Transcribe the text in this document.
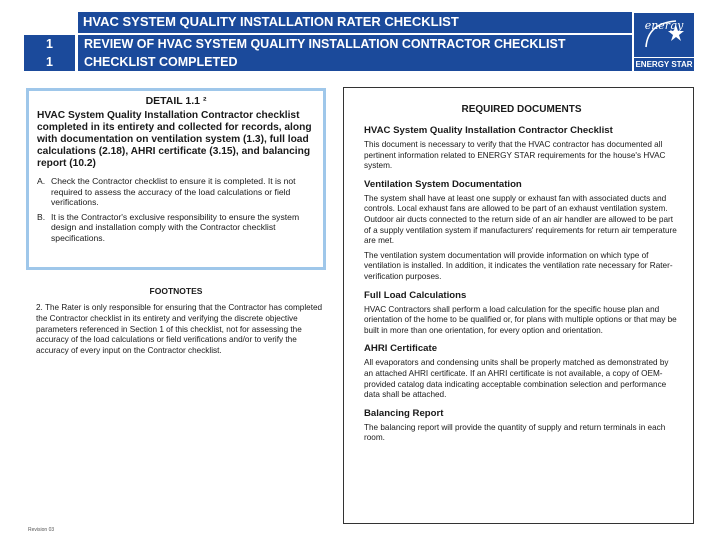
HVAC SYSTEM QUALITY INSTALLATION RATER CHECKLIST
1	REVIEW OF HVAC SYSTEM QUALITY INSTALLATION CONTRACTOR CHECKLIST
1	CHECKLIST COMPLETED
energy
ENERGY STAR
DETAIL 1.1 ²
HVAC System Quality Installation Contractor checklist completed in its entirety and collected for records, along with documentation on ventilation system (1.3), full load calculations (2.18), AHRI certificate (3.15), and balancing report (10.2)
A. Check the Contractor checklist to ensure it is completed. It is not required to assess the accuracy of the load calculations or field verifications.
B. It is the Contractor's exclusive responsibility to ensure the system design and installation comply with the Contractor checklist specifications.
FOOTNOTES
2. The Rater is only responsible for ensuring that the Contractor has completed the Contractor checklist in its entirety and verifying the discrete objective parameters referenced in Section 1 of this checklist, not for assessing the accuracy of the load calculations or field verifications and/or to verify the accuracy of every input on the Contractor checklist.
REQUIRED DOCUMENTS
HVAC System Quality Installation Contractor Checklist
This document is necessary to verify that the HVAC contractor has documented all pertinent information related to ENERGY STAR requirements for the house's HVAC system.
Ventilation System Documentation
The system shall have at least one supply or exhaust fan with associated ducts and controls. Local exhaust fans are allowed to be part of an exhaust ventilation system. Outdoor air ducts connected to the return side of an air handler are allowed to be part of a supply ventilation system if manufacturers' requirements for return air temperature are met.
The ventilation system documentation will provide information on which type of ventilation is installed. In addition, it indicates the ventilation rate necessary for Rater-verification purposes.
Full Load Calculations
HVAC Contractors shall perform a load calculation for the specific house plan and orientation of the home to be qualified or, for plans with multiple options or that may be built in more than one orientation, for every option and orientation.
AHRI Certificate
All evaporators and condensing units shall be properly matched as demonstrated by an attached AHRI certificate. If an AHRI certificate is not available, a copy of OEM-provided catalog data indicating acceptable combination selection and performance data shall be attached.
Balancing Report
The balancing report will provide the quantity of supply and return terminals in each room.
Revision 03
